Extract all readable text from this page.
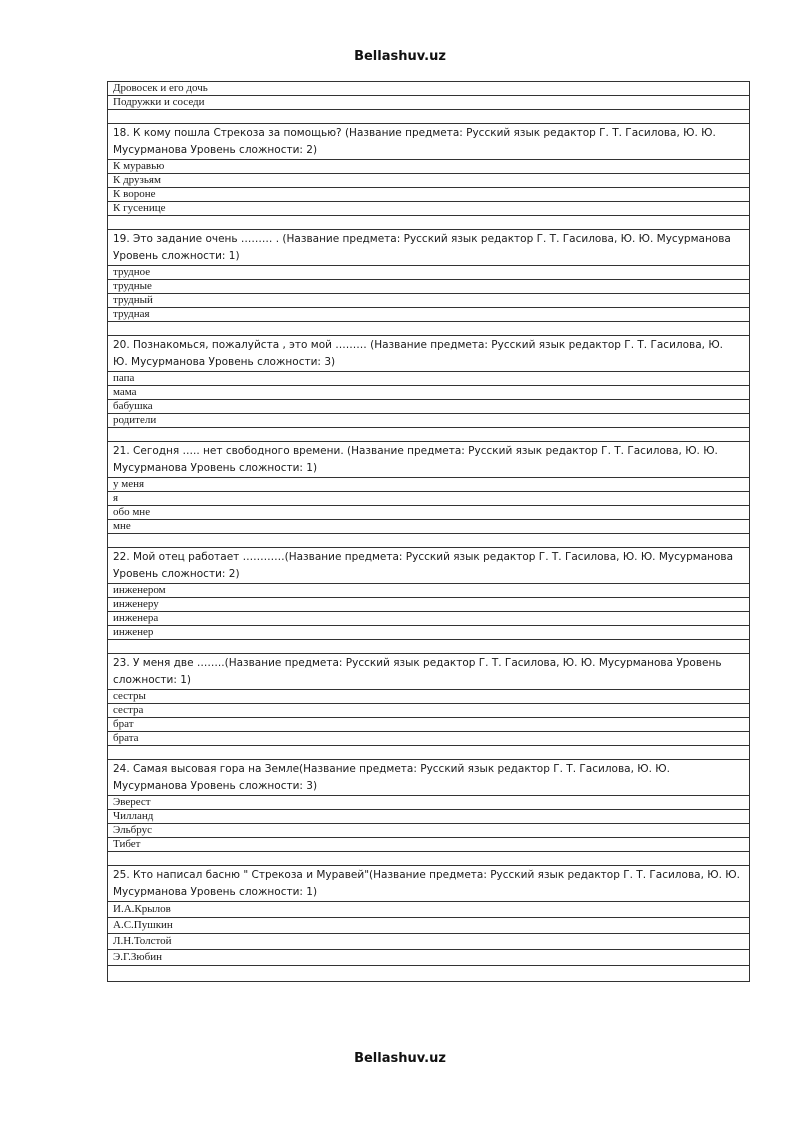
Bellashuv.uz
Дровосек и его дочь
Подружки и соседи

18. К кому пошла Стрекоза за помощью? (Название предмета: Русский язык редактор Г. Т. Гасилова, Ю. Ю. Мусурманова Уровень сложности: 2)
К муравью
К друзьям
К вороне
К гусенице

19. Это задание очень ……… . (Название предмета: Русский язык редактор Г. Т. Гасилова, Ю. Ю. Мусурманова Уровень сложности: 1)
трудное
трудные
трудный
трудная

20. Познакомься, пожалуйста , это мой ……… (Название предмета: Русский язык редактор Г. Т. Гасилова, Ю. Ю. Мусурманова Уровень сложности: 3)
папа
мама
бабушка
родители

21. Сегодня ….. нет свободного времени. (Название предмета: Русский язык редактор Г. Т. Гасилова, Ю. Ю. Мусурманова Уровень сложности: 1)
у меня
я
обо мне
мне

22. Мой отец работает …………(Название предмета: Русский язык редактор Г. Т. Гасилова, Ю. Ю. Мусурманова Уровень сложности: 2)
инженером
инженеру
инженера
инженер

23. У меня две ……..(Название предмета: Русский язык редактор Г. Т. Гасилова, Ю. Ю. Мусурманова Уровень сложности: 1)
сестры
сестра
брат
брата

24. Самая высовая гора на Земле(Название предмета: Русский язык редактор Г. Т. Гасилова, Ю. Ю. Мусурманова Уровень сложности: 3)
Эверест
Чилланд
Эльбрус
Тибет

25. Кто написал басню " Стрекоза и Муравей"(Название предмета: Русский язык редактор Г. Т. Гасилова, Ю. Ю. Мусурманова Уровень сложности: 1)
И.А.Крылов
А.С.Пушкин
Л.Н.Толстой
Э.Г.Зюбин

Bellashuv.uz
